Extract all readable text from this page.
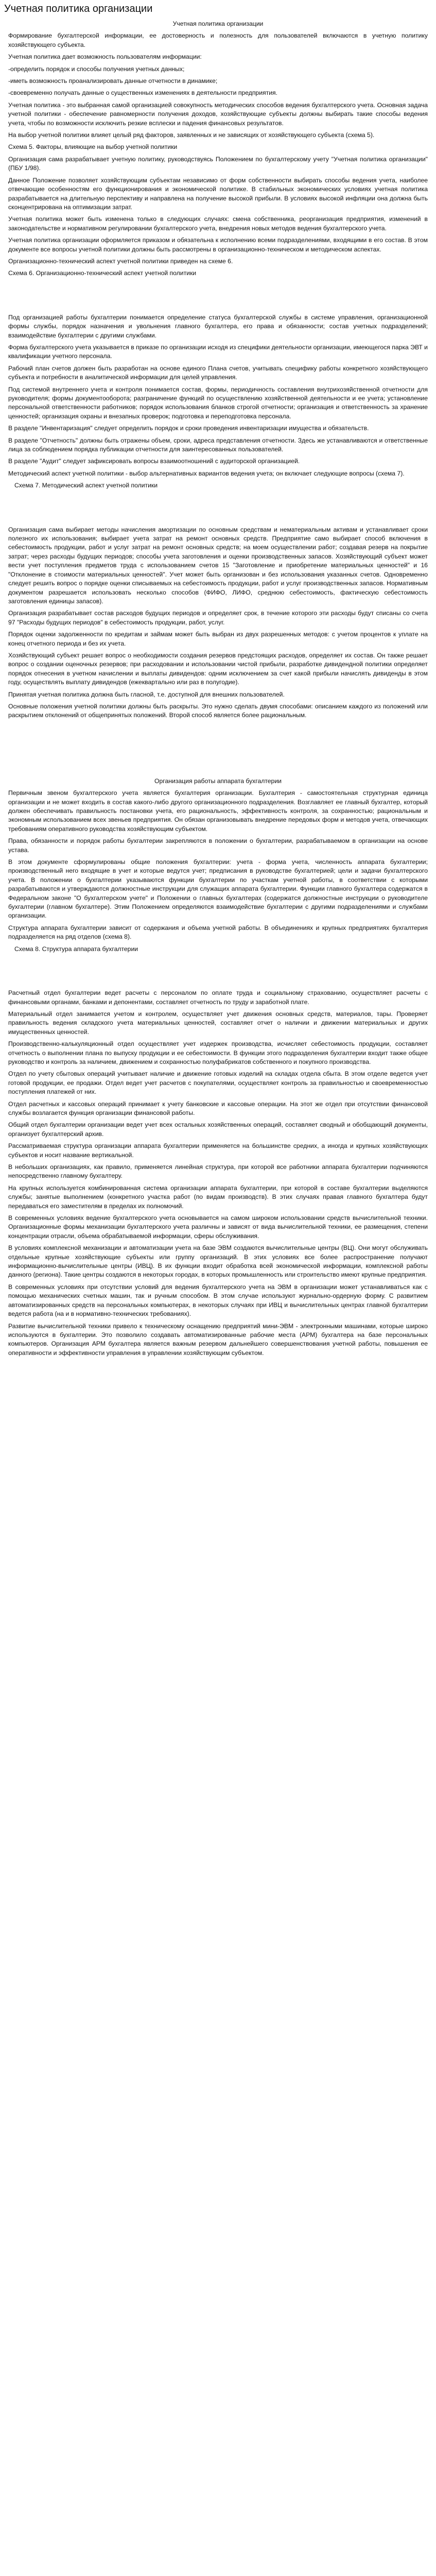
Учетная политика организации

Учетная политика организации

Формирование бухгалтерской информации, ее достоверность и полезность для пользователей включаются в учетную политику хозяйствующего субъекта.

Учетная политика дает возможность пользователям информации:

-определить порядок и способы получения учетных данных;

-иметь возможность проанализировать данные отчетности в динамике;

-своевременно получать данные о существенных изменениях в деятельности предприятия.

Учетная политика - это выбранная самой организацией совокупность методических способов ведения бухгалтерского учета. Основная задача учетной политики - обеспечение равномерности получения доходов, хозяйствующие субъекты должны выбирать такие способы ведения учета, чтобы по возможности исключить резкие всплески и падения финансовых результатов.

На выбор учетной политики влияет целый ряд факторов, заявленных и не зависящих от хозяйствующего субъекта (схема 5).

Схема 5. Факторы, влияющие на выбор учетной политики

Организация сама разрабатывает учетную политику, руководствуясь Положением по бухгалтерскому учету "Учетная политика организации" (ПБУ 1/98).

Данное Положение позволяет хозяйствующим субъектам независимо от форм собственности выбирать способы ведения учета, наиболее отвечающие особенностям его функционирования и экономической политике. В стабильных экономических условиях учетная политика разрабатывается на длительную перспективу и направлена на получение высокой прибыли. В условиях высокой инфляции она должна быть сконцентрирована на оптимизации затрат.

Учетная политика может быть изменена только в следующих случаях: смена собственника, реорганизация предприятия, изменений в законодательстве и нормативном регулировании бухгалтерского учета, внедрения новых методов ведения бухгалтерского учета.

Учетная политика организации оформляется приказом и обязательна к исполнению всеми подразделениями, входящими в его состав. В этом документе все вопросы учетной политики должны быть рассмотрены в организационно-техническом и методическом аспектах.

Организационно-технический аспект учетной политики приведен на схеме 6.

Схема 6. Организационно-технический аспект учетной политики

Под организацией работы бухгалтерии понимается определение статуса бухгалтерской службы в системе управления, организационной формы службы, порядок назначения и увольнения главного бухгалтера, его права и обязанности; состав учетных подразделений; взаимодействие бухгалтерии с другими службами.

Форма бухгалтерского учета указывается в приказе по организации исходя из специфики деятельности организации, имеющегося парка ЭВТ и квалификации учетного персонала.

Рабочий план счетов должен быть разработан на основе единого Плана счетов, учитывать специфику работы конкретного хозяйствующего субъекта и потребности в аналитической информации для целей управления.

Под системой внутреннего учета и контроля понимается состав, формы, периодичность составления внутрихозяйственной отчетности для руководителя; формы документооборота; разграничение функций по осуществлению хозяйственной деятельности и ее учета; установление персональной ответственности работников; порядок использования бланков строгой отчетности; организация и ответственность за хранение ценностей; организация охраны и внезапных проверок; подготовка и переподготовка персонала.

В разделе "Инвентаризация" следует определить порядок и сроки проведения инвентаризации имущества и обязательств.

В разделе "Отчетность" должны быть отражены объем, сроки, адреса представления отчетности. Здесь же устанавливаются и ответственные лица за соблюдением порядка публикации отчетности для заинтересованных пользователей.

В разделе "Аудит" следует зафиксировать вопросы взаимоотношений с аудиторской организацией.

Методический аспект учетной политики - выбор альтернативных вариантов ведения учета; он включает следующие вопросы (схема 7).

Схема 7. Методический аспект учетной политики

Организация сама выбирает методы начисления амортизации по основным средствам и нематериальным активам и устанавливает сроки полезного их использования; выбирает учета затрат на ремонт основных средств. Предприятие само выбирает способ включения в себестоимость продукции, работ и услуг затрат на ремонт основных средств; на моем осуществлении работ; создавая резерв на покрытие затрат; через расходы будущих периодов; способы учета заготовления и оценки производственных запасов. Хозяйствующий субъект может вести учет поступления предметов труда с использованием счетов 15 "Заготовление и приобретение материальных ценностей" и 16 "Отклонение в стоимости материальных ценностей". Учет может быть организован и без использования указанных счетов. Одновременно следует решить вопрос о порядке оценки списываемых на себестоимость продукции, работ и услуг производственных запасов. Нормативным документом разрешается использовать несколько способов (ФИФО, ЛИФО, среднюю себестоимость, фактическую себестоимость заготовления единицы запасов).

Организация разрабатывает состав расходов будущих периодов и определяет срок, в течение которого эти расходы будут списаны со счета 97 "Расходы будущих периодов" в себестоимость продукции, работ, услуг.

Порядок оценки задолженности по кредитам и займам может быть выбран из двух разрешенных методов: с учетом процентов к уплате на конец отчетного периода и без их учета.

Хозяйствующий субъект решает вопрос о необходимости создания резервов предстоящих расходов, определяет их состав. Он также решает вопрос о создании оценочных резервов; при расходовании и использовании чистой прибыли, разработке дивидендной политики определяет порядок отнесения в учетном начислении и выплаты дивидендов: одним исключением за счет какой прибыли начислять дивиденды в этом году, осуществлять выплату дивидендов (ежеквартально или раз в полугодие).

Принятая учетная политика должна быть гласной, т.е. доступной для внешних пользователей.

Основные положения учетной политики должны быть раскрыты. Это нужно сделать двумя способами: описанием каждого из положений или раскрытием отклонений от общепринятых положений. Второй способ является более рациональным.

Организация работы аппарата бухгалтерии

Первичным звеном бухгалтерского учета является бухгалтерия организации. Бухгалтерия - самостоятельная структурная единица организации и не может входить в состав какого-либо другого организационного подразделения. Возглавляет ее главный бухгалтер, который должен обеспечивать правильность постановки учета, его рациональность, эффективность контроля, за сохранностью; рациональным и экономным использованием всех звеньев предприятия. Он обязан организовывать внедрение передовых форм и методов учета, отвечающих требованиям оперативного руководства хозяйствующим субъектом.

Права, обязанности и порядок работы бухгалтерии закрепляются в положении о бухгалтерии, разрабатываемом в организации на основе устава.

В этом документе сформулированы общие положения бухгалтерии: учета - форма учета, численность аппарата бухгалтерии; производственный него входящие в учет и которые ведутся учет; предписания в руководстве бухгалтерией; цели и задачи бухгалтерского учета. В положении о бухгалтерии указываются функции бухгалтерии по участкам учетной работы, в соответствии с которыми разрабатываются и утверждаются должностные инструкции для служащих аппарата бухгалтерии. Функции главного бухгалтера содержатся в Федеральном законе "О бухгалтерском учете" и Положении о главных бухгалтерах (содержатся должностные инструкции о руководителе бухгалтерии (главном бухгалтере). Этим Положением определяются взаимодействие бухгалтерии с другими подразделениями и службами организации.

Структура аппарата бухгалтерии зависит от содержания и объема учетной работы. В объединениях и крупных предприятиях бухгалтерия подразделяется на ряд отделов (схема 8).

Схема 8. Структура аппарата бухгалтерии

Расчетный отдел бухгалтерии ведет расчеты с персоналом по оплате труда и социальному страхованию, осуществляет расчеты с финансовыми органами, банками и депонентами, составляет отчетность по труду и заработной плате.

Материальный отдел занимается учетом и контролем, осуществляет учет движения основных средств, материалов, тары. Проверяет правильность ведения складского учета материальных ценностей, составляет отчет о наличии и движении материальных и других имущественных ценностей.

Производственно-калькуляционный отдел осуществляет учет издержек производства, исчисляет себестоимость продукции, составляет отчетность о выполнении плана по выпуску продукции и ее себестоимости. В функции этого подразделения бухгалтерии входит также общее руководство и контроль за наличием, движением и сохранностью полуфабрикатов собственного и покупного производства.

Отдел по учету сбытовых операций учитывает наличие и движение готовых изделий на складах отдела сбыта. В этом отделе ведется учет готовой продукции, ее продажи. Отдел ведет учет расчетов с покупателями, осуществляет контроль за правильностью и своевременностью поступления платежей от них.

Отдел расчетных и кассовых операций принимает к учету банковские и кассовые операции. На этот же отдел при отсутствии финансовой службы возлагается функция организации финансовой работы.

Общий отдел бухгалтерии организации ведет учет всех остальных хозяйственных операций, составляет сводный и обобщающий документы, организует бухгалтерский архив.

Рассматриваемая структура организации аппарата бухгалтерии применяется на большинстве средних, а иногда и крупных хозяйствующих субъектов и носит название вертикальной.

В небольших организациях, как правило, применяется линейная структура, при которой все работники аппарата бухгалтерии подчиняются непосредственно главному бухгалтеру.

На крупных используется комбинированная система организации аппарата бухгалтерии, при которой в составе бухгалтерии выделяются службы; занятые выполнением (конкретного участка работ (по видам производств). В этих случаях правая главного бухгалтера будут передаваться его заместителям в пределах их полномочий.

В современных условиях ведение бухгалтерского учета основывается на самом широком использовании средств вычислительной техники. Организационные формы механизации бухгалтерского учета различны и зависят от вида вычислительной техники, ее размещения, степени концентрации отрасли, объема обрабатываемой информации, сферы обслуживания.

В условиях комплексной механизации и автоматизации учета на базе ЭВМ создаются вычислительные центры (ВЦ). Они могут обслуживать отдельные крупные хозяйствующие субъекты или группу организаций. В этих условиях все более распространение получают информационно-вычислительные центры (ИВЦ). В их функции входит обработка всей экономической информации, комплексной работы данного (региона). Такие центры создаются в некоторых городах, в которых промышленность или строительство имеют крупные предприятия.

В современных условиях при отсутствии условий для ведения бухгалтерского учета на ЭВМ в организации может устанавливаться как с помощью механических счетных машин, так и ручным способом. В этом случае используют журнально-ордерную форму. С развитием автоматизированных средств на персональных компьютерах, в некоторых случаях при ИВЦ и вычислительных центрах главной бухгалтерии ведется работа (на и в нормативно-технических требованиях).

Развитие вычислительной техники привело к техническому оснащению предприятий мини-ЭВМ - электронными машинами, которые широко используются в бухгалтерии. Это позволило создавать автоматизированные рабочие места (АРМ) бухгалтера на базе персональных компьютеров. Организация АРМ бухгалтера является важным резервом дальнейшего совершенствования учетной работы, повышения ее оперативности и эффективности управления в управлении хозяйствующим субъектом.
